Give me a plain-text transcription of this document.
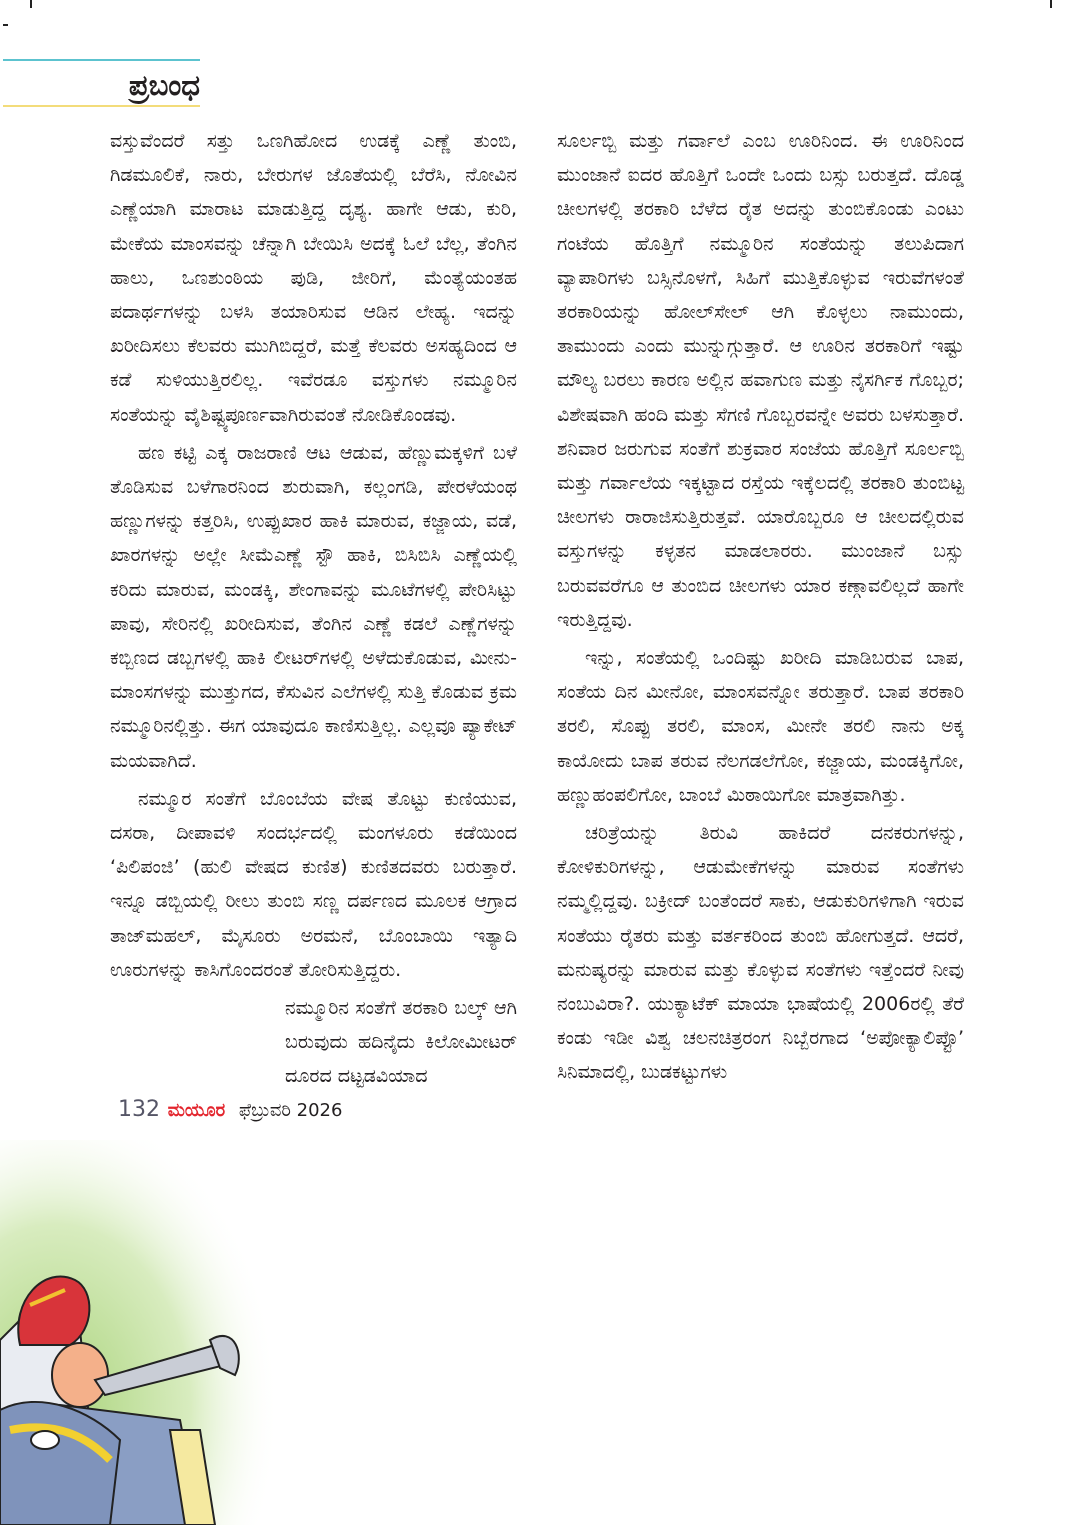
ಪ್ರಬಂಧ

ವಸ್ತುವೆಂದರೆ ಸತ್ತು ಒಣಗಿಹೋದ ಉಡಕ್ಕೆ ಎಣ್ಣೆ ತುಂಬಿ, ಗಿಡಮೂಲಿಕೆ, ನಾರು, ಬೇರುಗಳ ಜೊತೆಯಲ್ಲಿ ಬೆರೆಸಿ, ನೋವಿನ ಎಣ್ಣೆಯಾಗಿ ಮಾರಾಟ ಮಾಡುತ್ತಿದ್ದ ದೃಶ್ಯ. ಹಾಗೇ ಆಡು, ಕುರಿ, ಮೇಕೆಯ ಮಾಂಸವನ್ನು ಚೆನ್ನಾಗಿ ಬೇಯಿಸಿ ಅದಕ್ಕೆ ಓಲೆ ಬೆಲ್ಲ, ತೆಂಗಿನ ಹಾಲು, ಒಣಶುಂಠಿಯ ಪುಡಿ, ಜೀರಿಗೆ, ಮೆಂತ್ಯೆಯಂತಹ ಪದಾರ್ಥಗಳನ್ನು ಬಳಸಿ ತಯಾರಿಸುವ ಆಡಿನ ಲೇಹ್ಯ. ಇದನ್ನು ಖರೀದಿಸಲು ಕೆಲವರು ಮುಗಿಬಿದ್ದರೆ, ಮತ್ತೆ ಕೆಲವರು ಅಸಹ್ಯದಿಂದ ಆ ಕಡೆ ಸುಳಿಯುತ್ತಿರಲಿಲ್ಲ. ಇವೆರಡೂ ವಸ್ತುಗಳು ನಮ್ಮೂರಿನ ಸಂತೆಯನ್ನು ವೈಶಿಷ್ಟ್ಯಪೂರ್ಣವಾಗಿರುವಂತೆ ನೋಡಿಕೊಂಡವು.

ಹಣ ಕಟ್ಟಿ ಎಕ್ಕ ರಾಜರಾಣಿ ಆಟ ಆಡುವ, ಹೆಣ್ಣುಮಕ್ಕಳಿಗೆ ಬಳೆ ತೊಡಿಸುವ ಬಳೆಗಾರನಿಂದ ಶುರುವಾಗಿ, ಕಲ್ಲಂಗಡಿ, ಪೇರಳೆಯಂಥ ಹಣ್ಣುಗಳನ್ನು ಕತ್ತರಿಸಿ, ಉಪ್ಪುಖಾರ ಹಾಕಿ ಮಾರುವ, ಕಜ್ಜಾಯ, ವಡೆ, ಖಾರಗಳನ್ನು ಅಲ್ಲೇ ಸೀಮೆಎಣ್ಣೆ ಸ್ಟೌ ಹಾಕಿ, ಬಿಸಿಬಿಸಿ ಎಣ್ಣೆಯಲ್ಲಿ ಕರಿದು ಮಾರುವ, ಮಂಡಕ್ಕಿ, ಶೇಂಗಾವನ್ನು ಮೂಟೆಗಳಲ್ಲಿ ಪೇರಿಸಿಟ್ಟು ಪಾವು, ಸೇರಿನಲ್ಲಿ ಖರೀದಿಸುವ, ತೆಂಗಿನ ಎಣ್ಣೆ ಕಡಲೆ ಎಣ್ಣೆಗಳನ್ನು ಕಬ್ಬಿಣದ ಡಬ್ಬಗಳಲ್ಲಿ ಹಾಕಿ ಲೀಟರ್‌ಗಳಲ್ಲಿ ಅಳೆದುಕೊಡುವ, ಮೀನು-ಮಾಂಸಗಳನ್ನು ಮುತ್ತುಗದ, ಕೆಸುವಿನ ಎಲೆಗಳಲ್ಲಿ ಸುತ್ತಿ ಕೊಡುವ ಕ್ರಮ ನಮ್ಮೂರಿನಲ್ಲಿತ್ತು. ಈಗ ಯಾವುದೂ ಕಾಣಿಸುತ್ತಿಲ್ಲ. ಎಲ್ಲವೂ ಪ್ಯಾಕೇಟ್ ಮಯವಾಗಿದೆ.

ನಮ್ಮೂರ ಸಂತೆಗೆ ಬೊಂಬೆಯ ವೇಷ ತೊಟ್ಟು ಕುಣಿಯುವ, ದಸರಾ, ದೀಪಾವಳಿ ಸಂದರ್ಭದಲ್ಲಿ ಮಂಗಳೂರು ಕಡೆಯಿಂದ ‘ಪಿಲಿಪಂಜಿ’ (ಹುಲಿ ವೇಷದ ಕುಣಿತ) ಕುಣಿತದವರು ಬರುತ್ತಾರೆ. ಇನ್ನೂ ಡಬ್ಬಿಯಲ್ಲಿ ರೀಲು ತುಂಬಿ ಸಣ್ಣ ದರ್ಪಣದ ಮೂಲಕ ಆಗ್ರಾದ ತಾಜ್‌ಮಹಲ್, ಮೈಸೂರು ಅರಮನೆ, ಬೊಂಬಾಯಿ ಇತ್ಯಾದಿ ಊರುಗಳನ್ನು ಕಾಸಿಗೊಂದರಂತೆ ತೋರಿಸುತ್ತಿದ್ದರು.

ನಮ್ಮೂರಿನ ಸಂತೆಗೆ ತರಕಾರಿ ಬಲ್ಕ್ ಆಗಿ ಬರುವುದು ಹದಿನೈದು ಕಿಲೋಮೀಟರ್ ದೂರದ ದಟ್ಟಡವಿಯಾದ

132 ಮಯೂರ ಫೆಬ್ರುವರಿ 2026

ಸೂರ್ಲಬ್ಬಿ ಮತ್ತು ಗರ್ವಾಲೆ ಎಂಬ ಊರಿನಿಂದ. ಈ ಊರಿನಿಂದ ಮುಂಜಾನೆ ಐದರ ಹೊತ್ತಿಗೆ ಒಂದೇ ಒಂದು ಬಸ್ಸು ಬರುತ್ತದೆ. ದೊಡ್ಡ ಚೀಲಗಳಲ್ಲಿ ತರಕಾರಿ ಬೆಳೆದ ರೈತ ಅದನ್ನು ತುಂಬಿಕೊಂಡು ಎಂಟು ಗಂಟೆಯ ಹೊತ್ತಿಗೆ ನಮ್ಮೂರಿನ ಸಂತೆಯನ್ನು ತಲುಪಿದಾಗ ವ್ಯಾಪಾರಿಗಳು ಬಸ್ಸಿನೊಳಗೆ, ಸಿಹಿಗೆ ಮುತ್ತಿಕೊಳ್ಳುವ ಇರುವೆಗಳಂತೆ ತರಕಾರಿಯನ್ನು ಹೋಲ್‌ಸೇಲ್ ಆಗಿ ಕೊಳ್ಳಲು ನಾಮುಂದು, ತಾಮುಂದು ಎಂದು ಮುನ್ನುಗ್ಗುತ್ತಾರೆ. ಆ ಊರಿನ ತರಕಾರಿಗೆ ಇಷ್ಟು ಮೌಲ್ಯ ಬರಲು ಕಾರಣ ಅಲ್ಲಿನ ಹವಾಗುಣ ಮತ್ತು ನೈಸರ್ಗಿಕ ಗೊಬ್ಬರ; ವಿಶೇಷವಾಗಿ ಹಂದಿ ಮತ್ತು ಸೆಗಣಿ ಗೊಬ್ಬರವನ್ನೇ ಅವರು ಬಳಸುತ್ತಾರೆ. ಶನಿವಾರ ಜರುಗುವ ಸಂತೆಗೆ ಶುಕ್ರವಾರ ಸಂಜೆಯ ಹೊತ್ತಿಗೆ ಸೂರ್ಲಬ್ಬಿ ಮತ್ತು ಗರ್ವಾಲೆಯ ಇಕ್ಕಟ್ಟಾದ ರಸ್ತೆಯ ಇಕ್ಕೆಲದಲ್ಲಿ ತರಕಾರಿ ತುಂಬಿಟ್ಟ ಚೀಲಗಳು ರಾರಾಜಿಸುತ್ತಿರುತ್ತವೆ. ಯಾರೊಬ್ಬರೂ ಆ ಚೀಲದಲ್ಲಿರುವ ವಸ್ತುಗಳನ್ನು ಕಳ್ಳತನ ಮಾಡಲಾರರು. ಮುಂಜಾನೆ ಬಸ್ಸು ಬರುವವರೆಗೂ ಆ ತುಂಬಿದ ಚೀಲಗಳು ಯಾರ ಕಣ್ಗಾವಲಿಲ್ಲದೆ ಹಾಗೇ ಇರುತ್ತಿದ್ದವು.

ಇನ್ನು, ಸಂತೆಯಲ್ಲಿ ಒಂದಿಷ್ಟು ಖರೀದಿ ಮಾಡಿಬರುವ ಬಾಪ, ಸಂತೆಯ ದಿನ ಮೀನೋ, ಮಾಂಸವನ್ನೋ ತರುತ್ತಾರೆ. ಬಾಪ ತರಕಾರಿ ತರಲಿ, ಸೊಪ್ಪು ತರಲಿ, ಮಾಂಸ, ಮೀನೇ ತರಲಿ ನಾನು ಅಕ್ಕ ಕಾಯೋದು ಬಾಪ ತರುವ ನೆಲಗಡಲೆಗೋ, ಕಜ್ಜಾಯ, ಮಂಡಕ್ಕಿಗೋ, ಹಣ್ಣುಹಂಪಲಿಗೋ, ಬಾಂಬೆ ಮಿಠಾಯಿಗೋ ಮಾತ್ರವಾಗಿತ್ತು.

ಚರಿತ್ರೆಯನ್ನು ತಿರುವಿ ಹಾಕಿದರೆ ದನಕರುಗಳನ್ನು, ಕೋಳಿಕುರಿಗಳನ್ನು, ಆಡುಮೇಕೆಗಳನ್ನು ಮಾರುವ ಸಂತೆಗಳು ನಮ್ಮಲ್ಲಿದ್ದವು. ಬಕ್ರೀದ್ ಬಂತೆಂದರೆ ಸಾಕು, ಆಡುಕುರಿಗಳಿಗಾಗಿ ಇರುವ ಸಂತೆಯು ರೈತರು ಮತ್ತು ವರ್ತಕರಿಂದ ತುಂಬಿ ಹೋಗುತ್ತದೆ. ಆದರೆ, ಮನುಷ್ಯರನ್ನು ಮಾರುವ ಮತ್ತು ಕೊಳ್ಳುವ ಸಂತೆಗಳು ಇತ್ತೆಂದರೆ ನೀವು ನಂಬುವಿರಾ?. ಯುಕ್ಯಾಟೆಕ್ ಮಾಯಾ ಭಾಷೆಯಲ್ಲಿ 2006ರಲ್ಲಿ ತೆರೆ ಕಂಡು ಇಡೀ ವಿಶ್ವ ಚಲನಚಿತ್ರರಂಗ ನಿಬ್ಬೆರಗಾದ ‘ಅಪೋಕ್ಯಾಲಿಪ್ಟೊ’ ಸಿನಿಮಾದಲ್ಲಿ, ಬುಡಕಟ್ಟುಗಳು
